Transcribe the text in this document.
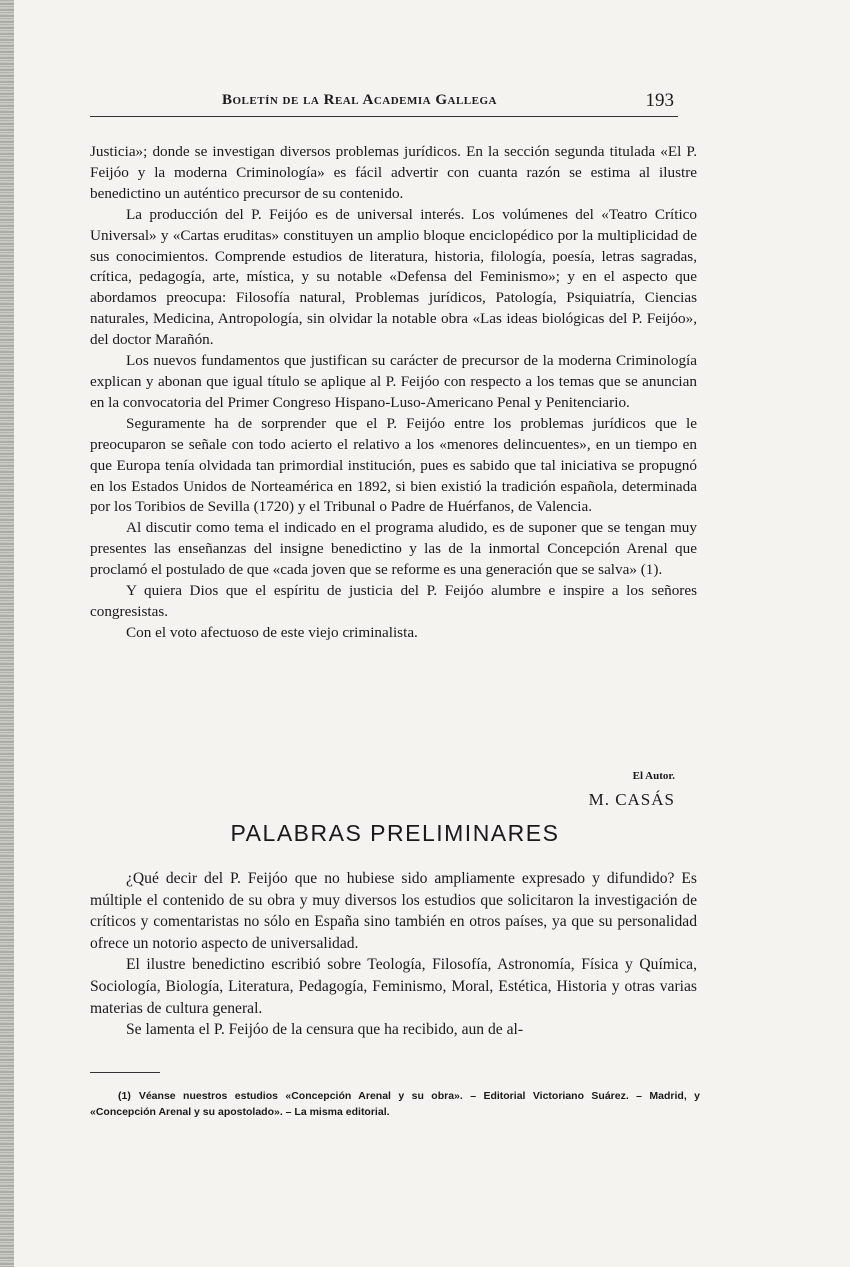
Boletín de la Real Academia Gallega	193

Justicia»; donde se investigan diversos problemas jurídicos. En la sección segunda titulada «El P. Feijóo y la moderna Criminología» es fácil advertir con cuanta razón se estima al ilustre benedictino un auténtico precursor de su contenido.

La producción del P. Feijóo es de universal interés. Los volúmenes del «Teatro Crítico Universal» y «Cartas eruditas» constituyen un amplio bloque enciclopédico por la multiplicidad de sus conocimientos. Comprende estudios de literatura, historia, filología, poesía, letras sagradas, crítica, pedagogía, arte, mística, y su notable «Defensa del Feminismo»; y en el aspecto que abordamos preocupa: Filosofía natural, Problemas jurídicos, Patología, Psiquiatría, Ciencias naturales, Medicina, Antropología, sin olvidar la notable obra «Las ideas biológicas del P. Feijóo», del doctor Marañón.

Los nuevos fundamentos que justifican su carácter de precursor de la moderna Criminología explican y abonan que igual título se aplique al P. Feijóo con respecto a los temas que se anuncian en la convocatoria del Primer Congreso Hispano-Luso-Americano Penal y Penitenciario.

Seguramente ha de sorprender que el P. Feijóo entre los problemas jurídicos que le preocuparon se señale con todo acierto el relativo a los «menores delincuentes», en un tiempo en que Europa tenía olvidada tan primordial institución, pues es sabido que tal iniciativa se propugnó en los Estados Unidos de Norteamérica en 1892, si bien existió la tradición española, determinada por los Toribios de Sevilla (1720) y el Tribunal o Padre de Huérfanos, de Valencia.

Al discutir como tema el indicado en el programa aludido, es de suponer que se tengan muy presentes las enseñanzas del insigne benedictino y las de la inmortal Concepción Arenal que proclamó el postulado de que «cada joven que se reforme es una generación que se salva» (1).

Y quiera Dios que el espíritu de justicia del P. Feijóo alumbre e inspire a los señores congresistas.

Con el voto afectuoso de este viejo criminalista.

El Autor.
M. CASÁS
PALABRAS PRELIMINARES

¿Qué decir del P. Feijóo que no hubiese sido ampliamente expresado y difundido? Es múltiple el contenido de su obra y muy diversos los estudios que solicitaron la investigación de críticos y comentaristas no sólo en España sino también en otros países, ya que su personalidad ofrece un notorio aspecto de universalidad.

El ilustre benedictino escribió sobre Teología, Filosofía, Astronomía, Física y Química, Sociología, Biología, Literatura, Pedagogía, Feminismo, Moral, Estética, Historia y otras varias materias de cultura general.

Se lamenta el P. Feijóo de la censura que ha recibido, aun de al-

(1) Véanse nuestros estudios «Concepción Arenal y su obra». – Editorial Victoriano Suárez. – Madrid, y «Concepción Arenal y su apostolado». – La misma editorial.
